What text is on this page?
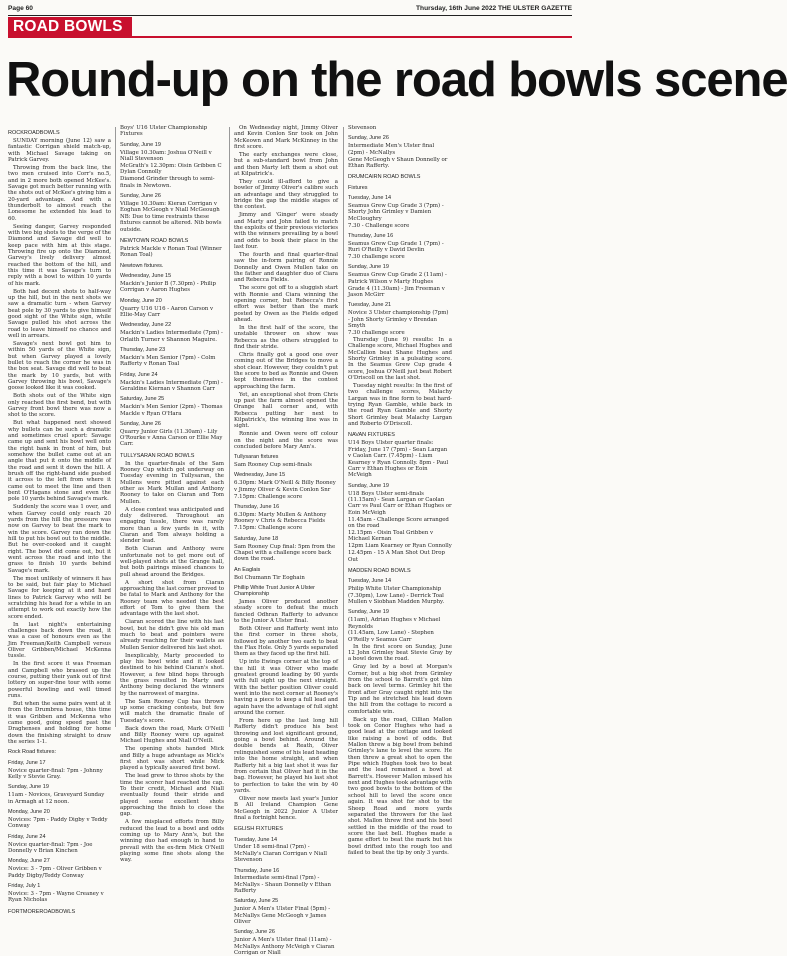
Page 60	Thursday, 16th June 2022 THE ULSTER GAZETTE
ROAD BOWLS
Round-up on the road bowls scene

ROCKROADBOWLS

SUNDAY morning (June 12) saw a fantastic Corrigan shield match-up, with Michael Savage taking on Patrick Garvey.

Throwing from the back line, the two men cruised into Corr's no.5, and in 2 more both opened McKee's. Savage got much better running with the shots out of McKee's giving him a 20-yard advantage. And with a thunderbolt to almost reach the Lonesome he extended his lead to 60.

Seeing danger, Garvey responded with two big shots to the verge of the Diamond and Savage did well to keep pace with him at this stage. Throwing fire up onto the Diamond, Garvey's lively delivery almost reached the bottom of the hill, and this time it was Savage's turn to reply with a bowl to within 10 yards of his mark.

Both had decent shots to half-way up the hill, but in the next shots we saw a dramatic turn - when Garvey beat pole by 30 yards to give himself good sight of the White sign, while Savage pulled his shot across the road to leave himself no chance and well in arrears.

Savage's next bowl got him to within 50 yards of the White sign, but when Garvey played a lovely bullet to reach the corner he was in the box seat. Savage did well to beat the mark by 10 yards, but with Garvey throwing his bowl, Savage's goose looked like it was cooked.

Both shots out of the White sign only reached the first bend, but with Garvey front bowl there was now a shot to the score.

But what happened next showed why bullets can be such a dramatic and sometimes cruel sport: Savage came up and sent his bowl well onto the right bank in front of him, but somehow the bullet came out at an angle that put it onto the middle of the road and sent it down the hill. A brush off the right-hand side pushed it across to the left from where it came out to meet the line and then bent O'Hagans stone and even the pole 10 yards behind Savage's mark.

Suddenly the score was 1 over, and when Garvey could only reach 20 yards from the hill the pressure was now on Garvey to beat the mark to win the score. Garvey ran down the hill to put his bowl out to the middle. But he over-cooked and it caught right. The bowl did come out, but it went across the road and into the grass to finish 10 yards behind Savage's mark.

The most unlikely of winners it has to be said, but fair play to Michael Savage for keeping at it and hard lines to Patrick Garvey who will be scratching his head for a while in an attempt to work out exactly how the score ended.

In last night's entertaining challenges back down the road, it was a case of honours even as the Jim Freeman/Keith Campbell versus Oliver Gribben/Michael McKenna tussle.

In the first score it was Freeman and Campbell who brassed up the course, putting their yank out of first lottery on super-fine tour with some powerful bowling and well timed runs.

But when the same pairs went at it from the Drumbrea house, this time it was Gribben and McKenna who came good, going speed past the Draghenses and holding for home down the finishing straight to draw the series 1-1.

Rock Road fixtures:

Friday, June 17

Novice quarter-final: 7pm - Johnny Kelly v Stevie Gray.

Sunday, June 19

11am - Novices, Graveyard Sunday in Armagh at 12 noon.

Monday, June 20

Novices: 7pm - Paddy Digby v Teddy Conway

Friday, June 24

Novice quarter-final: 7pm - Joe Donnelly v Brian Kinchen

Monday, June 27

Novice: 3 - 7pm - Oliver Gribben v Paddy Digby/Teddy Conway

Friday, July 1

Novice: 3 - 7pm - Wayne Creaney v Ryan Nicholas

FORTMOREROADBOWLS

Boys' U16 Ulster Championship Fixtures

Sunday, June 19

Village 10.30am: Joshua O'Neill v Niall Stevenson

McGrath's 12.30pm: Oisin Gribben C Dylan Connolly

Diamond Grinder through to semi-finals in Newtown.

Sunday, June 26

Village 10.30am: Kieran Corrigan v Eoghan McGeogh v Niall McGeough

NB: Due to time restraints these fixtures cannot be altered. Nib bowls outside.

NEWTOWN ROAD BOWLS

Patrick Mackle v Ronan Toal (Winner Ronan Toal)

Newtown fixtures.

Wednesday, June 15

Mackin's Junior B (7.30pm) - Philip Corrigan v Aaron Hughes

Monday, June 20

Quarry U16 U16 - Aaron Carson v Ellie-May Carr

Wednesday, June 22

Mackin's Ladies Intermediate (7pm) -Orlaith Turner v Shannon Maguire.

Thursday, June 23

Mackin's Men Senior (7pm) - Colm Rafferty v Ronan Toal

Friday, June 24

Mackin's Ladies Intermediate (7pm) - Geraldine Kiernan v Shannon Carr

Saturday, June 25

Mackin's Men Senior (2pm) - Thomas Mackle v Ryan O'Hara

Sunday, June 26

Quarry Junior Girls (11.30am) - Lily O'Rourke v Anna Carson or Ellie May Carr.

TULLYSARAN ROAD BOWLS

In the quarter-finals of the Sam Rooney Cup which got underway on Tuesday evening in Tullysaran, the Mullens were pitted against each other as Mark Mullan and Anthony Rooney to take on Ciaran and Tom Mullen.

A close contest was anticipated and duly delivered. Throughout an engaging tussle, there was rarely more than a few yards in it, with Ciaran and Tom always holding a slender lead.

Both Ciaran and Anthony were unfortunate not to get more out of well-played shots at the Grange hall, but both pairings missed chances to pull ahead around the Bridges.

A short shot from Ciaran approaching the last corner proved to be fatal to Mark and Anthony for the Rooney team who needed the best effort of Tom to give them the advantage with the last shot.

Ciaran scored the line with his last bowl, but he didn't give his old man much to beat and pointers were already reaching for their wallets as Mullen Senior delivered his last shot.

Inexplicably, Marty proceeded to play his bowl wide and it looked destined to his behind Ciaran's shot. However, a few blind hops through the grass resulted in Marty and Anthony being declared the winners by the narrowest of margins.

The Sam Rooney Cup has thrown up some cracking contests, but few will match the dramatic finale of Tuesday's score.

Back down the road, Mark O'Neill and Billy Rooney were up against Michael Hughes and Niall O'Neill.

The opening shots handed Mick and Billy a huge advantage as Mick's first shot was short while Mick played a typically assured first bowl.

The lead grew to three shots by the time the scorer had reached the cap. To their credit, Michael and Niall eventually found their stride and played some excellent shots approaching the finish to close the gap.

A few misplaced efforts from Billy reduced the lead to a bowl and odds coming up to Mary Ann's, but the winning duo had enough in hand to prevail with the ex-firm Mick O'Neill playing some fine shots along the way.

On Wednesday night, Jimmy Oliver and Kevin Conlon Snr took on John McKeown and Mark McKinney in the first score.

The early exchanges were close, but a sub-standard bowl from John and then Marty left them a shot out at Kilpatrick's.

They could ill-afford to give a bowler of Jimmy Oliver's calibre such an advantage and they struggled to bridge the gap the middle stages of the contest.

Jimmy and 'Ginger' were steady and Marty and John failed to match the exploits of their previous victories with the winners prevailing by a bowl and odds to book their place in the last four.

The fourth and final quarter-final saw the in-form pairing of Ronnie Donnelly and Owen Mullen take on the father and daughter duo of Ciara and Rebecca Fields.

The score got off to a sluggish start with Ronnie and Ciara winning the opening corner, but Rebecca's first effort was better than the mark posted by Owen as the Fields edged ahead.

In the first half of the score, the unstable thrower on show was Rebecca as the others struggled to find their stride.

Chris finally got a good one over coming out of the Bridges to move a shot clear. However, they couldn't put the score to bed as Ronnie and Owen kept themselves in the contest approaching the farm.

Yet, an exceptional shot from Chris up past the farm almost opened the Orange hall corner and, with Rebecca putting her next to Kilpatrick's, the winning line was in sight.

Ronnie and Owen were off colour on the night and the score was concluded before Mary Ann's.

Tullysaran fixtures

Sam Rooney Cup semi-finals

Wednesday, June 15

6.30pm: Mark O'Neill & Billy Rooney v Jimmy Oliver & Kevin Conlon Snr

7.15pm: Challenge score

Thursday, June 16

6.30pm: Marty Mullen & Anthony Rooney v Chris & Rebecca Fields

7.15pm: Challenge score

Saturday, June 18

Sam Rooney Cup final: 5pm from the Chapel with a challenge score back down the road.

An Eaglais

Bol Chumann Tir Eoghain

Phillip White Trust Junior A Ulster Championship

James Oliver produced another steady score to defeat the much fancied Odhran Rafferty to advance to the Junior A Ulster final.

Both Oliver and Rafferty went into the first corner in three shots, followed by another two each to beat the Flax Hole. Only 5 yards separated them as they faced up the first hill.

Up into Ewings corner at the top of the hill it was Oliver who made greatest ground leading by 90 yards with full sight up the next straight. With the better position Oliver could went into the next corner at Rooney's having a piece to keep a full lead and again have the advantage of full sight around the corner.

From here up the last long hill Rafferty didn't produce his best throwing and lost significant ground, going a bowl behind. Around the double bends at Reath, Oliver relinquished some of his lead heading into the home straight, and when Rafferty hit a big last shot it was far from certain that Oliver had it in the bag. However, he played his last shot to perfection to take the win by 40 yards.

Oliver now meets last year's Junior B All Ireland Champion Gene McGeogh in 2022 Junior A Ulster final a fortnight hence.

EGLISH FIXTURES

Tuesday, June 14

Under 18 semi-final (7pm) - McNally's Ciaran Corrigan v Niall Stevenson

Thursday, June 16

Intermediate semi-final (7pm) - McNallys - Shaun Donnelly v Ethan Rafferty

Saturday, June 25

Junior A Men's Ulster Final (5pm) - McNallys Gene McGeogh v James Oliver

Sunday, June 26

Junior A Men's Ulster final (11am) - McNallys Anthony McVeigh v Ciaran Corrigan or Niall

Stevenson

Sunday, June 26

Intermediate Men's Ulster final (2pm) - McNallys

Gene McGeogh v Shaun Donnelly or Ethan Rafferty.

DRUMCAIRN ROAD BOWLS

Fixtures

Tuesday, June 14

Seamus Grew Cup Grade 3 (7pm) - Shorty John Grimley v Damien McCloughry

7.30 - Challenge score

Thursday, June 16

Seamus Grew Cup Grade 1 (7pm) - Ruri O'Reilly v David Devlin

7.30 challenge score

Sunday, June 19

Seamus Grew Cup Grade 2 (11am) - Patrick Wilson v Marty Hughes

Grade 4 (11.30am) - Jim Freeman v Jason McGirr

Tuesday, June 21

Novice 3 Ulster championship (7pm) - John Shorty Grimley v Brendan Smyth

7.30 challenge score

Thursday (June 9) results: In a Challenge score, Michael Hughes and McCallion beat Shane Hughes and Shorty Grimley in a pulsating score. In the Seamus Grew Cup grade 4 score, Joshua O'Neill just beat Robert O'Driscoll on the last shot.

Tuesday night results: In the first of two challenge scores, Malachy Largan was in fine form to beat hard-trying Ryan Gamble, while back in the road Ryan Gamble and Shorty Short Grimley beat Malachy Largan and Roberto O'Driscoll.

NAVAN FIXTURES

U14 Boys Ulster quarter finals:

Friday, June 17 (7pm) - Sean Largan v Caolan Carr. (7.45pm) - Liam Kearney v Ryan Connolly. 8pm - Paul Carr v Ethan Hughes or Eoin McVeigh

Sunday, June 19

U18 Boys Ulster semi-finals (11.15am) - Sean Largan or Caolan Carr vs Paul Carr or Ethan Hughes or Eoin McVeigh

11.45am - Challenge Score arranged on the road

12.15pm - Oisin Toal Gribben v Michael Kernan

12pm Liam Kearney or Ryan Connolly

12.45pm - 15 A Man Shot Out Drop Out

MADDEN ROAD BOWLS

Tuesday, June 14

Philip White Ulster Championship (7.30pm), Low Lane) - Derrick Toal Mullen v Siobhan Madden Murphy.

Sunday, June 19

(11am), Adrian Hughes v Michael Reynolds

(11.45am, Low Lane) - Stephen O'Reilly v Seamus Carr

In the first score on Sunday, June 12 John Grimley beat Stevie Gray by a bowl down the road.

Gray led by a bowl at Morgan's Corner, but a big shot from Grimley from the school to Barrett's got him back on level terms. Grimley hit the front after Gray caught right into the Tip and he stretched his lead down the hill from the cottage to record a comfortable win.

Back up the road, Cillian Mallon took on Conor Hughes who had a good lead at the cottage and looked like raising a bowl of odds. But Mallon threw a big bowl from behind Grimley's lane to level the score. He then threw a great shot to open the Pipe which Hughes took two to beat and the lead remained a bowl at Barrett's. However Mallon missed his next and Hughes took advantage with two good bowls to the bottom of the school hill to level the score once again. It was shot for shot to the Sheep Road and more yards separated the throwers for the last shot. Mallon threw first and his bowl settled in the middle of the road to score the last bell. Hughes made a game effort to beat the mark but his bowl drifted into the rough too and failed to beat the tip by only 3 yards.
